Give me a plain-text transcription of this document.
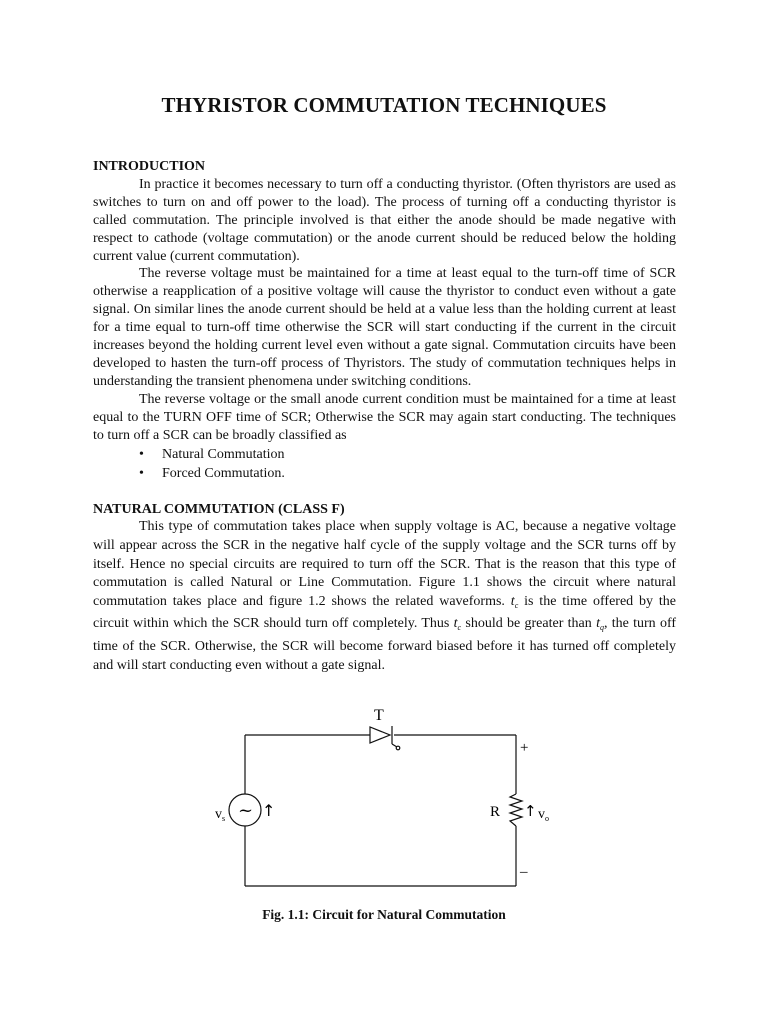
THYRISTOR COMMUTATION TECHNIQUES
INTRODUCTION

In practice it becomes necessary to turn off a conducting thyristor. (Often thyristors are used as switches to turn on and off power to the load). The process of turning off a conducting thyristor is called commutation. The principle involved is that either the anode should be made negative with respect to cathode (voltage commutation) or the anode current should be reduced below the holding current value (current commutation).

The reverse voltage must be maintained for a time at least equal to the turn-off time of SCR otherwise a reapplication of a positive voltage will cause the thyristor to conduct even without a gate signal. On similar lines the anode current should be held at a value less than the holding current at least for a time equal to turn-off time otherwise the SCR will start conducting if the current in the circuit increases beyond the holding current level even without a gate signal. Commutation circuits have been developed to hasten the turn-off process of Thyristors. The study of commutation techniques helps in understanding the transient phenomena under switching conditions.

The reverse voltage or the small anode current condition must be maintained for a time at least equal to the TURN OFF time of SCR; Otherwise the SCR may again start conducting. The techniques to turn off a SCR can be broadly classified as

• Natural Commutation
• Forced Commutation.
NATURAL COMMUTATION (CLASS F)

This type of commutation takes place when supply voltage is AC, because a negative voltage will appear across the SCR in the negative half cycle of the supply voltage and the SCR turns off by itself. Hence no special circuits are required to turn off the SCR. That is the reason that this type of commutation is called Natural or Line Commutation. Figure 1.1 shows the circuit where natural commutation takes place and figure 1.2 shows the related waveforms. $t_c$ is the time offered by the circuit within which the SCR should turn off completely. Thus $t_c$ should be greater than $t_q$, the turn off time of the SCR. Otherwise, the SCR will become forward biased before it has turned off completely and will start conducting even without a gate signal.

~
T
+
–
R
$v_s$ ↑	↑ $v_o$
Fig. 1.1: Circuit for Natural Commutation
